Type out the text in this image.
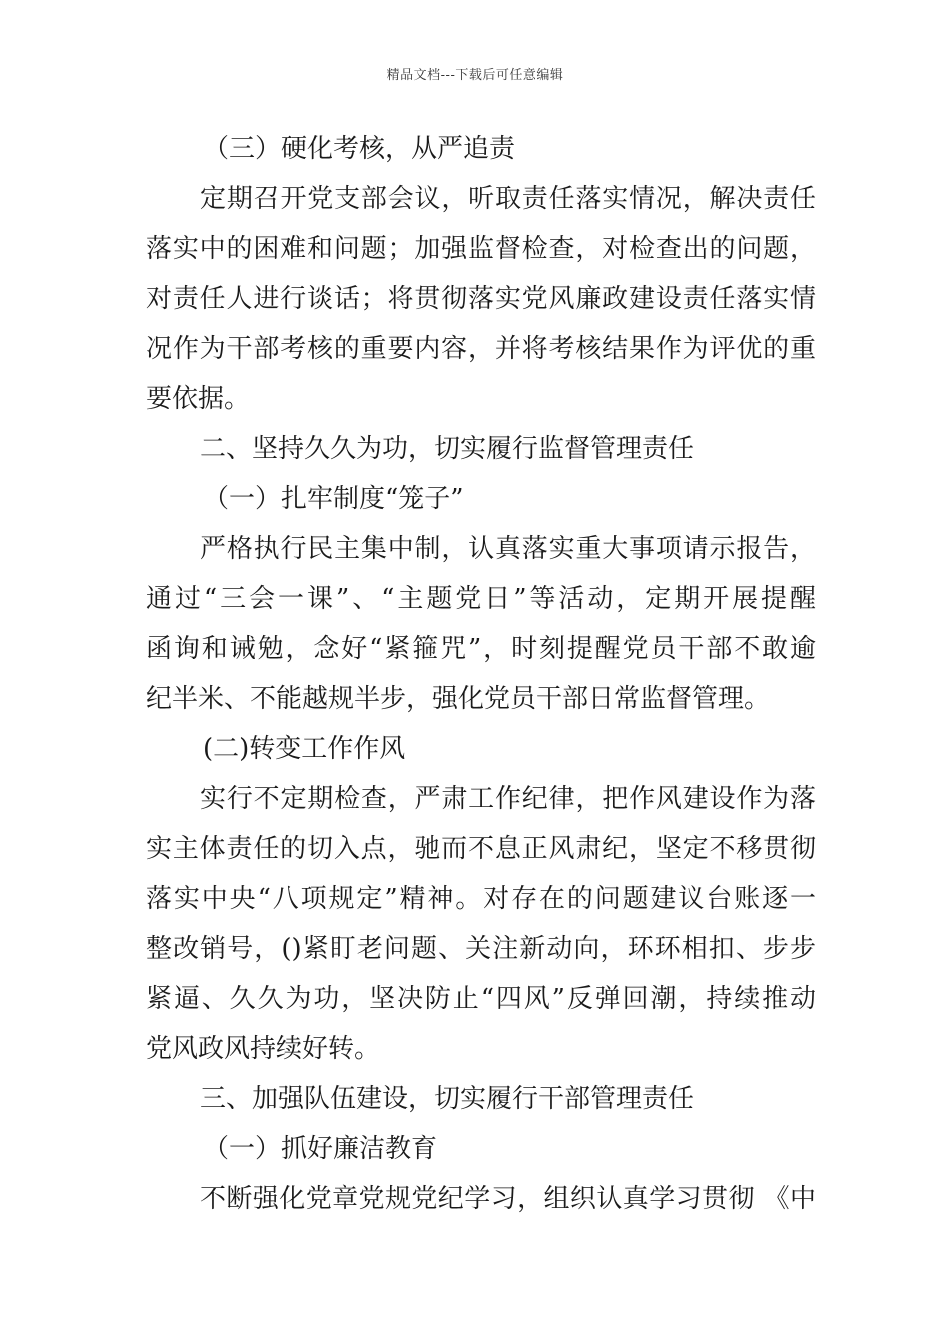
精品文档---下载后可任意编辑
（三）硬化考核，从严追责
定期召开党支部会议，听取责任落实情况，解决责任
落实中的困难和问题；加强监督检查，对检查出的问题，
对责任人进行谈话；将贯彻落实党风廉政建设责任落实情
况作为干部考核的重要内容，并将考核结果作为评优的重
要依据。
二、坚持久久为功，切实履行监督管理责任
（一）扎牢制度“笼子”
严格执行民主集中制，认真落实重大事项请示报告，
通过“三会一课”、“主题党日”等活动，定期开展提醒
函询和诫勉，念好“紧箍咒”，时刻提醒党员干部不敢逾
纪半米、不能越规半步，强化党员干部日常监督管理。
(二)转变工作作风
实行不定期检查，严肃工作纪律，把作风建设作为落
实主体责任的切入点，驰而不息正风肃纪，坚定不移贯彻
落实中央“八项规定”精神。对存在的问题建议台账逐一
整改销号，()紧盯老问题、关注新动向，环环相扣、步步
紧逼、久久为功，坚决防止“四风”反弹回潮，持续推动
党风政风持续好转。
三、加强队伍建设，切实履行干部管理责任
（一）抓好廉洁教育
不断强化党章党规党纪学习，组织认真学习贯彻 《中
